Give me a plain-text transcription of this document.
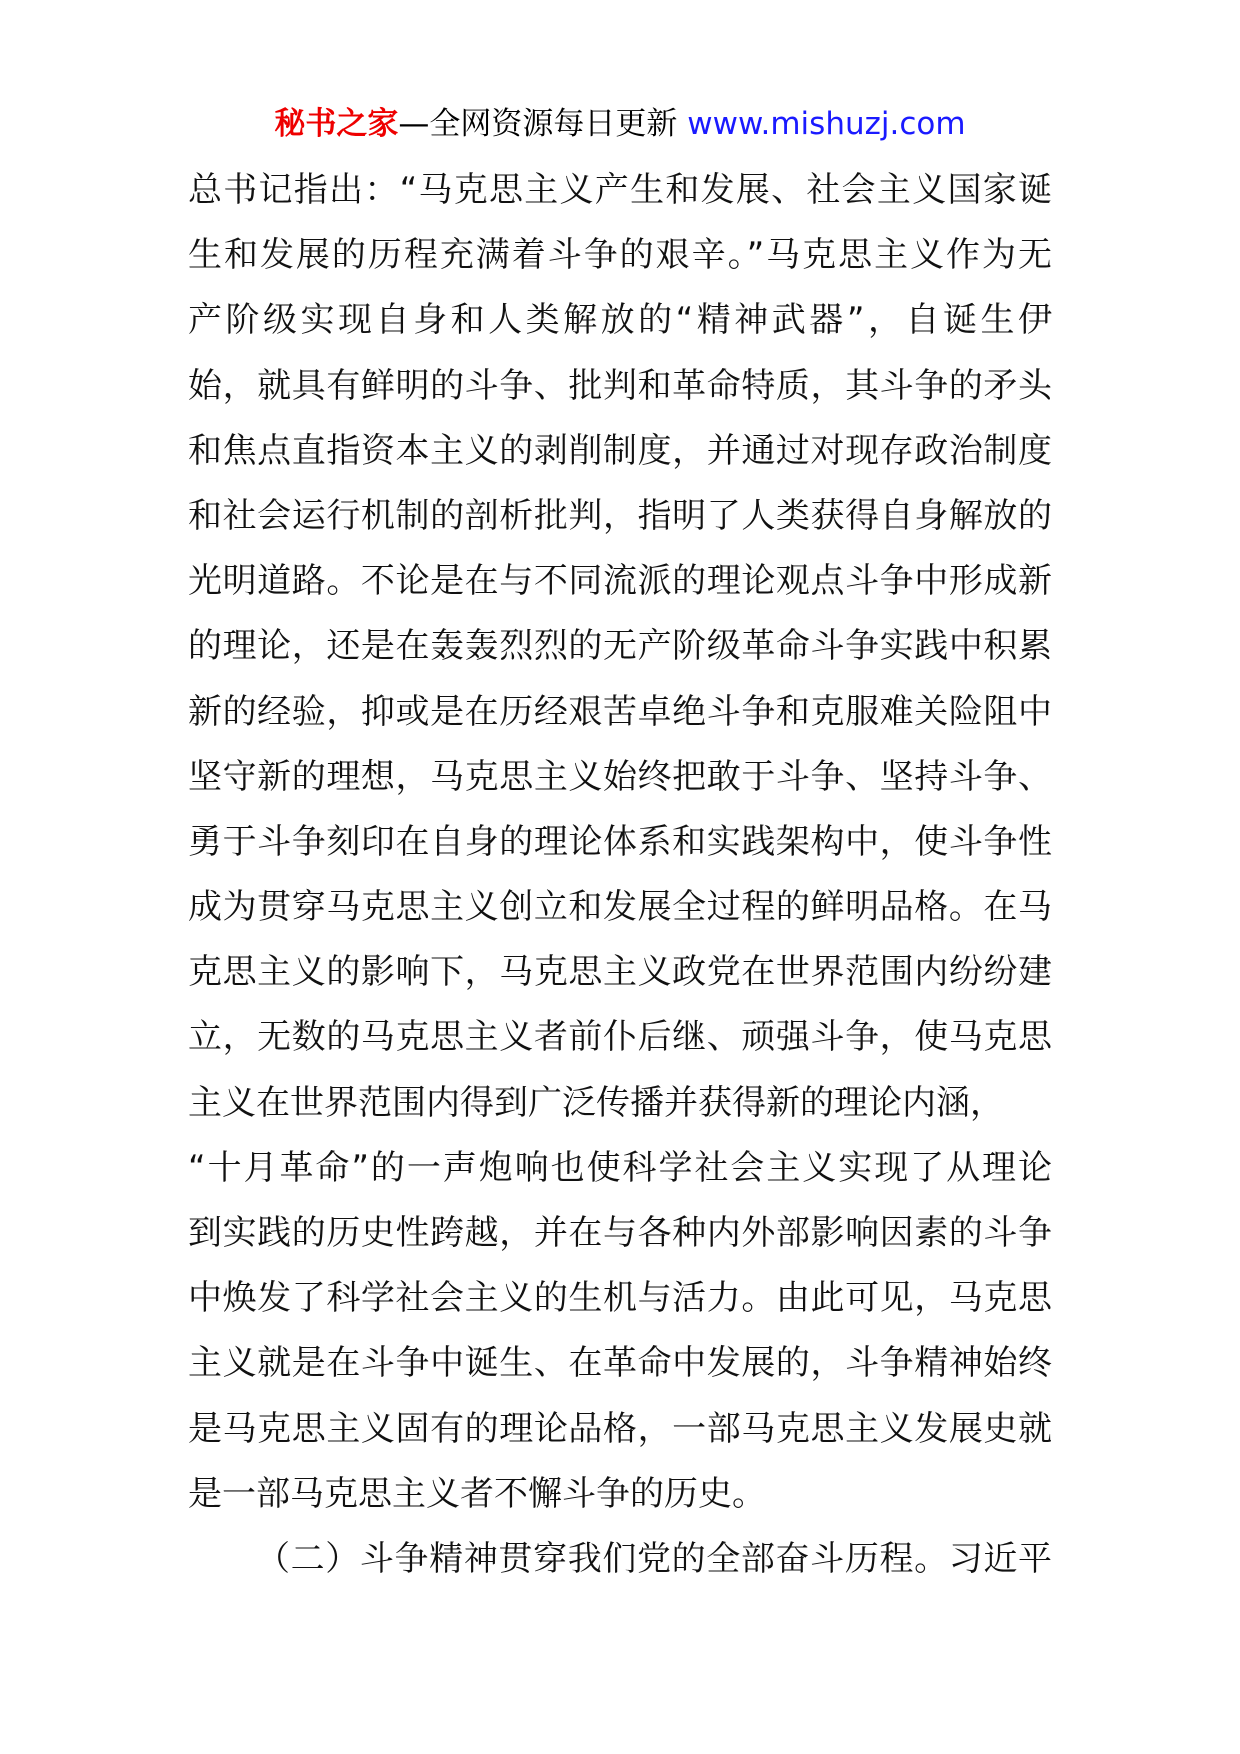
秘书之家—全网资源每日更新 www.mishuzj.com
总书记指出：“马克思主义产生和发展、社会主义国家诞
生和发展的历程充满着斗争的艰辛。”马克思主义作为无
产阶级实现自身和人类解放的“精神武器”，自诞生伊
始，就具有鲜明的斗争、批判和革命特质，其斗争的矛头
和焦点直指资本主义的剥削制度，并通过对现存政治制度
和社会运行机制的剖析批判，指明了人类获得自身解放的
光明道路。不论是在与不同流派的理论观点斗争中形成新
的理论，还是在轰轰烈烈的无产阶级革命斗争实践中积累
新的经验，抑或是在历经艰苦卓绝斗争和克服难关险阻中
坚守新的理想，马克思主义始终把敢于斗争、坚持斗争、
勇于斗争刻印在自身的理论体系和实践架构中，使斗争性
成为贯穿马克思主义创立和发展全过程的鲜明品格。在马
克思主义的影响下，马克思主义政党在世界范围内纷纷建
立，无数的马克思主义者前仆后继、顽强斗争，使马克思
主义在世界范围内得到广泛传播并获得新的理论内涵，
“十月革命”的一声炮响也使科学社会主义实现了从理论
到实践的历史性跨越，并在与各种内外部影响因素的斗争
中焕发了科学社会主义的生机与活力。由此可见，马克思
主义就是在斗争中诞生、在革命中发展的，斗争精神始终
是马克思主义固有的理论品格，一部马克思主义发展史就
是一部马克思主义者不懈斗争的历史。
（二）斗争精神贯穿我们党的全部奋斗历程。习近平
